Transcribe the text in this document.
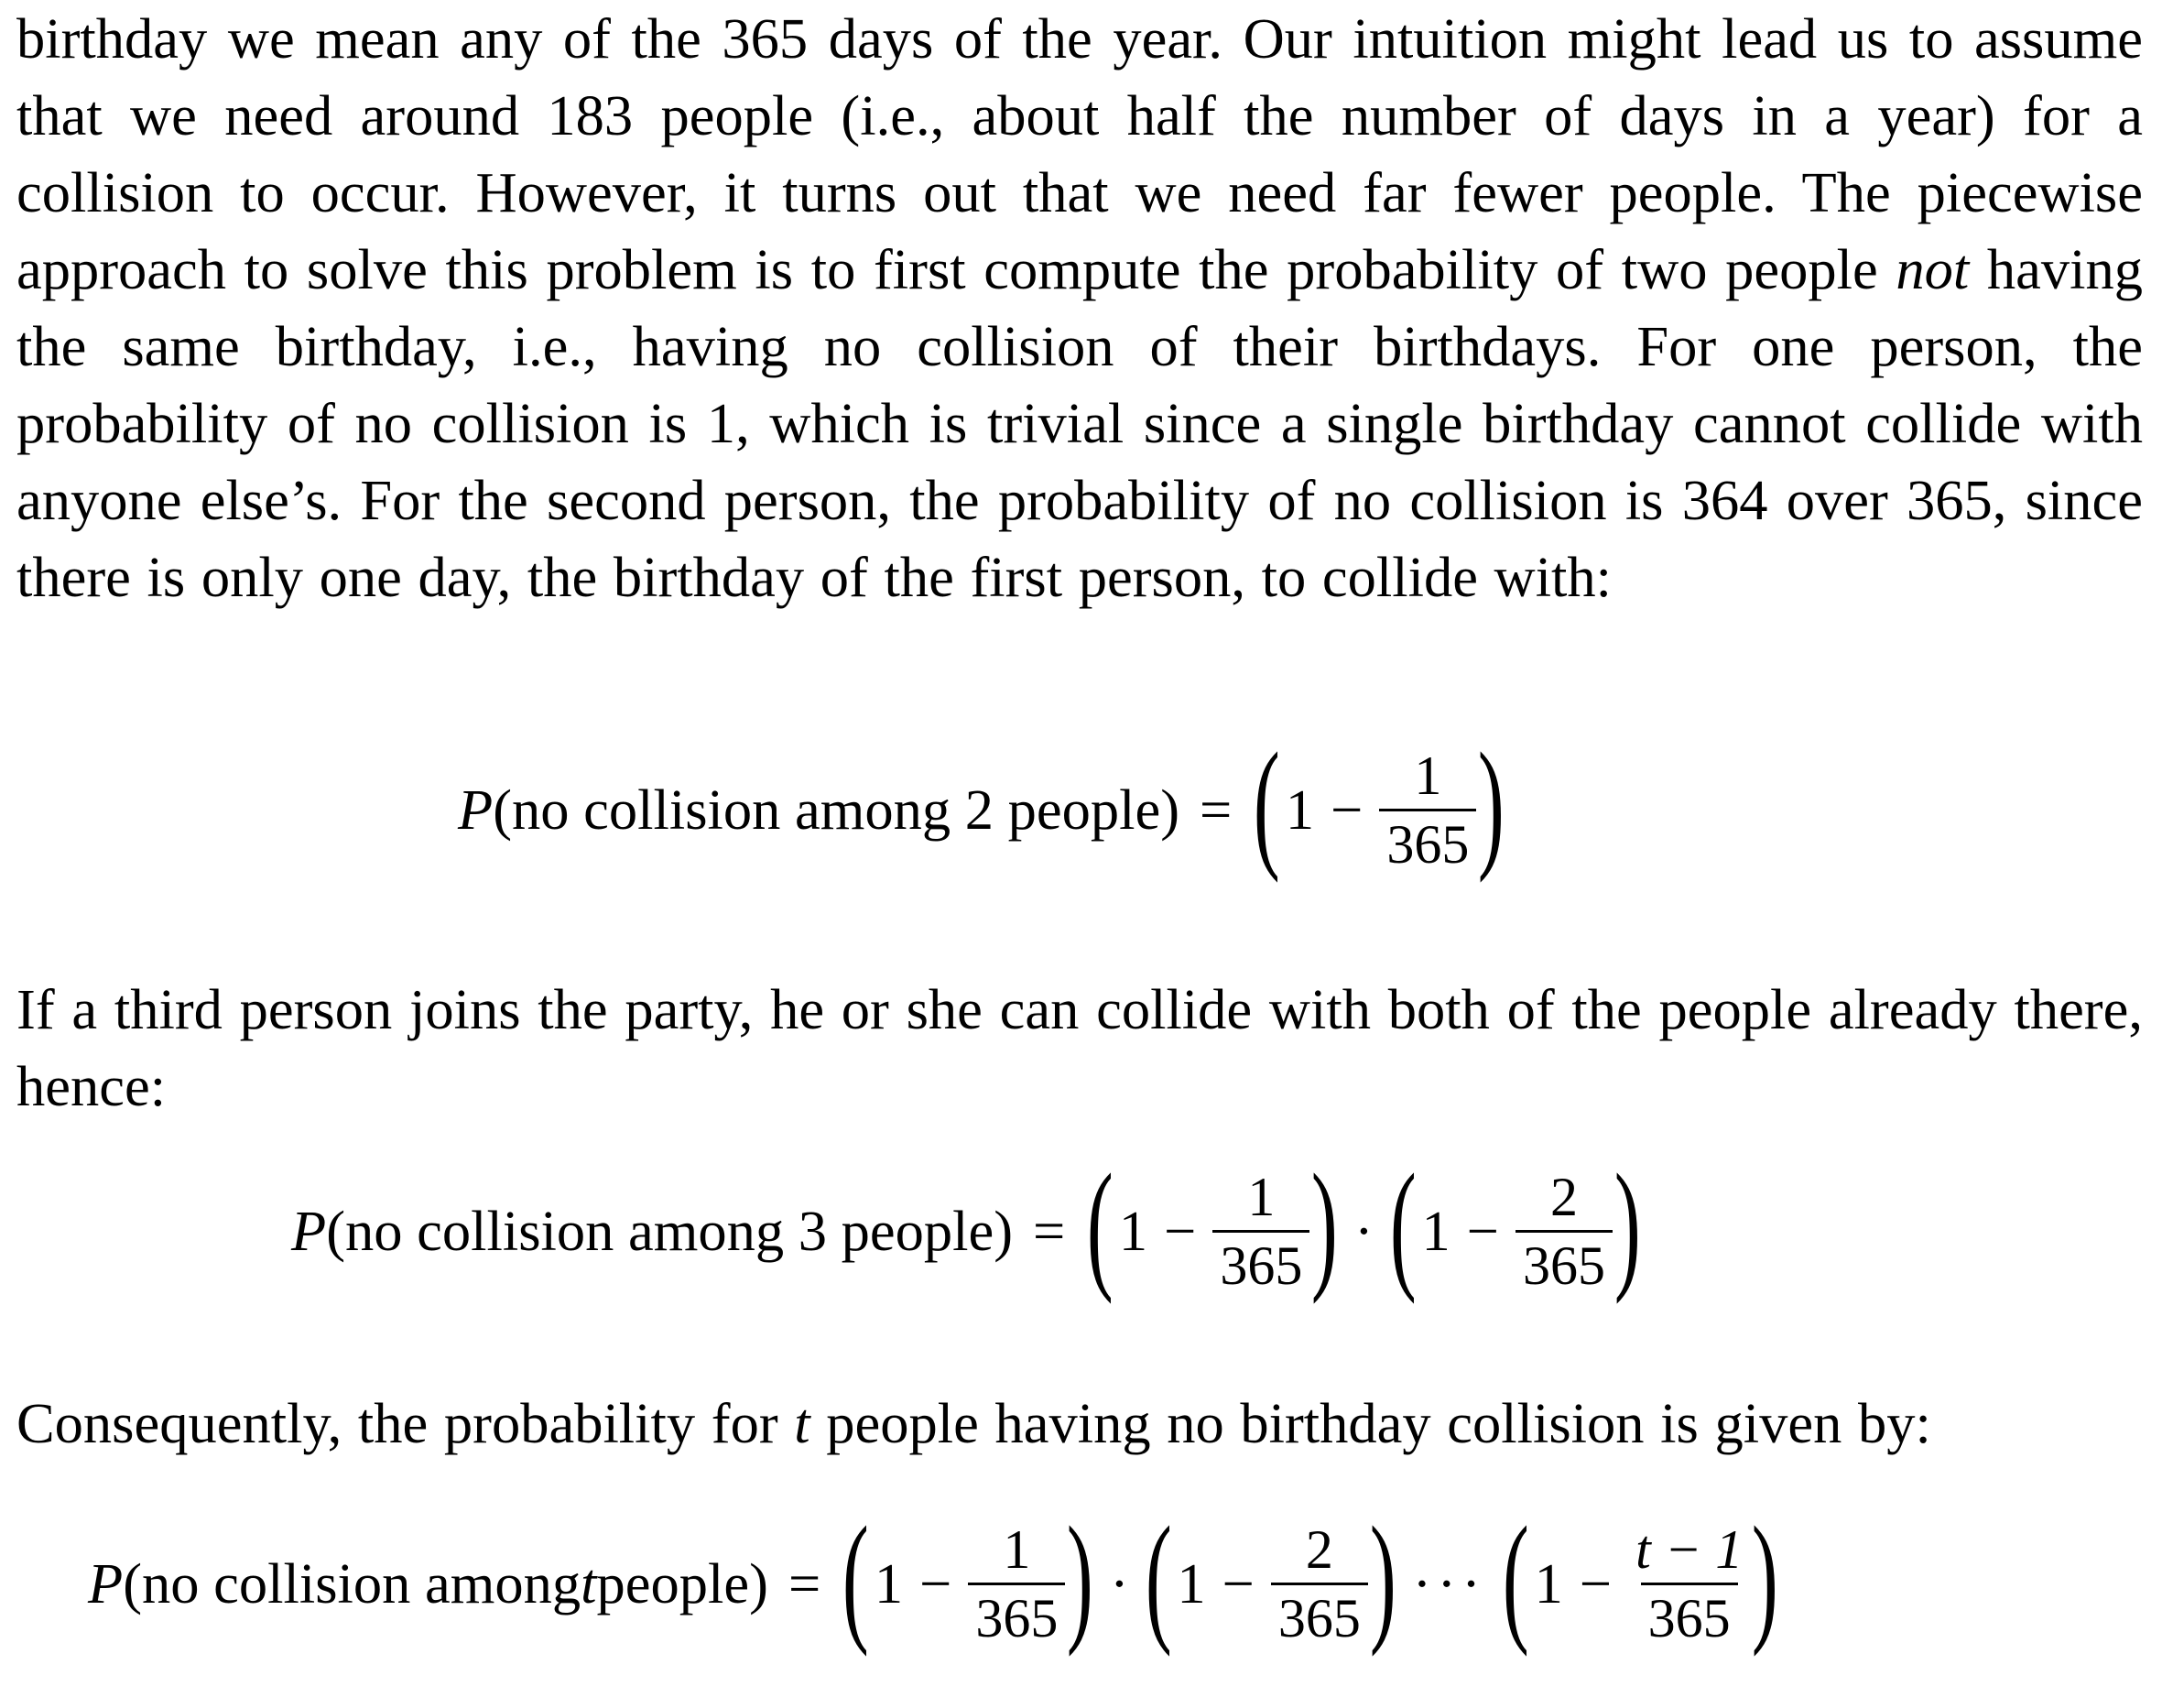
birthday we mean any of the 365 days of the year. Our intuition might lead us to assume that we need around 183 people (i.e., about half the number of days in a year) for a collision to occur. However, it turns out that we need far fewer people. The piecewise approach to solve this problem is to first compute the probability of two people not having the same birthday, i.e., having no collision of their birthdays. For one person, the probability of no collision is 1, which is trivial since a single birthday cannot collide with anyone else’s. For the second person, the probability of no collision is 364 over 365, since there is only one day, the birthday of the first person, to collide with:

P (no collision among 2 people) = ( $1 - \frac{1}{365}$ )

If a third person joins the party, he or she can collide with both of the people already there, hence:

P (no collision among 3 people) = ( $1 - \frac{1}{365}$ ) · ( $1 - \frac{2}{365}$ )

Consequently, the probability for t people having no birthday collision is given by:

P (no collision among t people) = ( $1 - \frac{1}{365}$ ) · ( $1 - \frac{2}{365}$ ) ··· ( $1 - \frac{t - 1}{365}$ )
